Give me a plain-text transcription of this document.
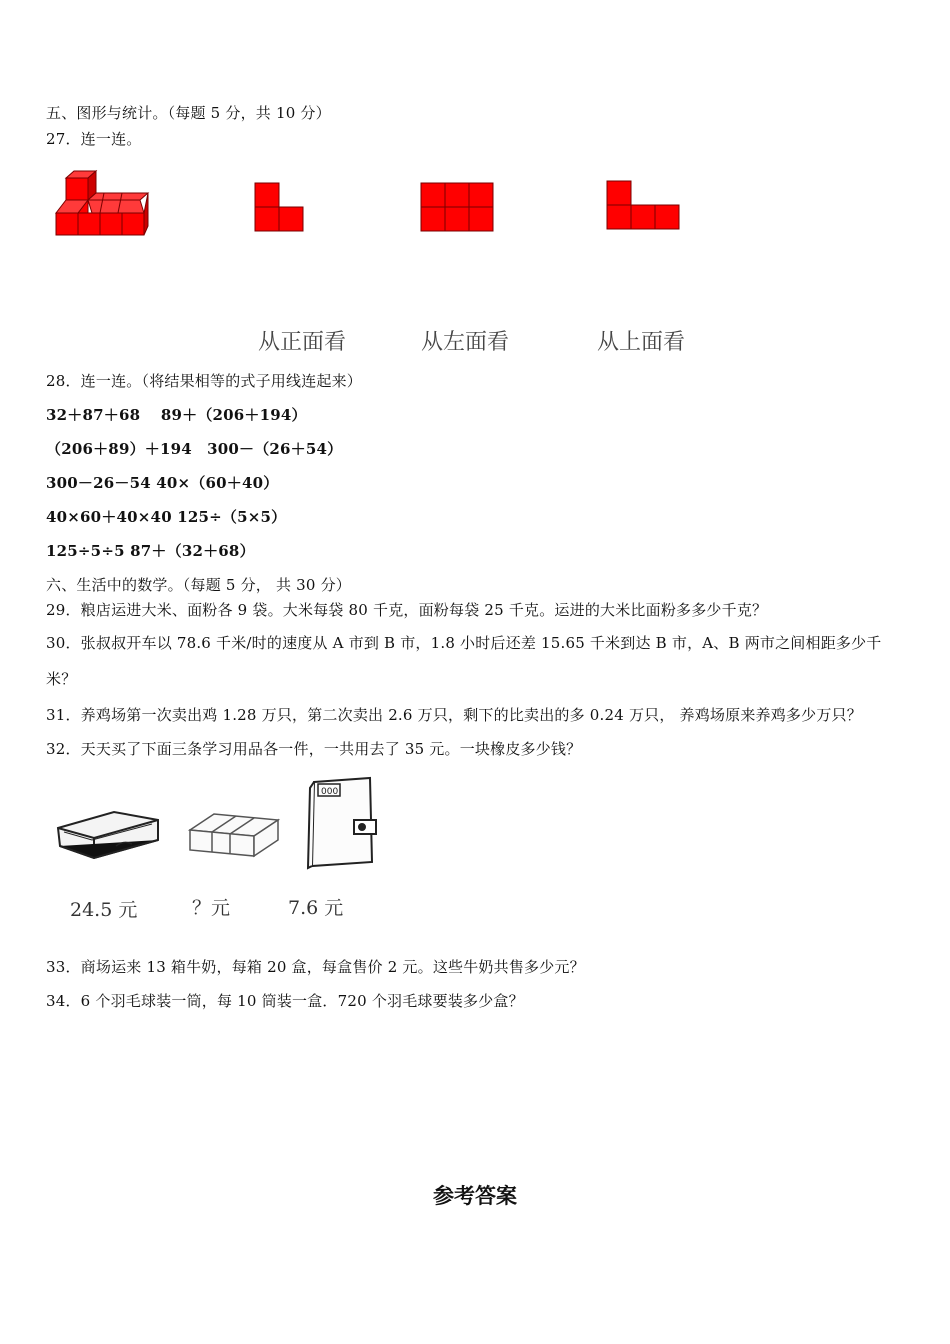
五、图形与统计。（每题 5 分，共 10 分）
27．连一连。
从正面看	从左面看	从上面看
28．连一连。（将结果相等的式子用线连起来）
32＋87＋68　 89＋（206＋194）
（206＋89）＋194　300－（26＋54）
300－26－54 40×（60＋40）
40×60＋40×40 125÷（5×5）
125÷5÷5 87＋（32＋68）
六、生活中的数学。（每题 5 分， 共 30 分）
29．粮店运进大米、面粉各 9 袋。大米每袋 80 千克，面粉每袋 25 千克。运进的大米比面粉多多少千克？
30．张叔叔开车以 78.6 千米/时的速度从 A 市到 B 市，1.8 小时后还差 15.65 千米到达 B 市，A、B 两市之间相距多少千米？
31．养鸡场第一次卖出鸡 1.28 万只，第二次卖出 2.6 万只，剩下的比卖出的多 0.24 万只， 养鸡场原来养鸡多少万只？
32．天天买了下面三条学习用品各一件，一共用去了 35 元。一块橡皮多少钱？
000
24.5 元	？元	7.6 元
33．商场运来 13 箱牛奶，每箱 20 盒，每盒售价 2 元。这些牛奶共售多少元？
34．6 个羽毛球装一筒，每 10 筒装一盒．720 个羽毛球要装多少盒？
参考答案
